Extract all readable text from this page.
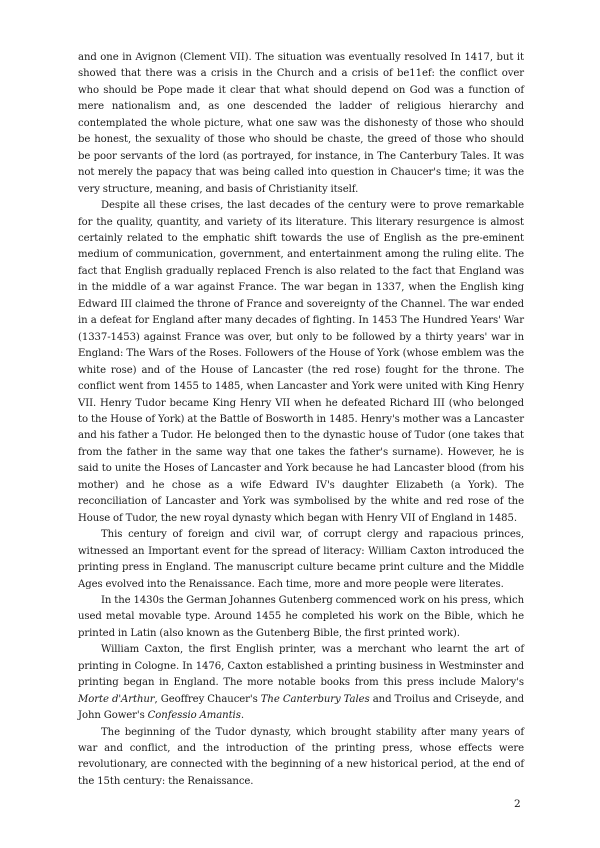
and one in Avignon (Clement VII). The situation was eventually resolved In 1417, but it showed that there was a crisis in the Church and a crisis of be11ef: the conflict over who should be Pope made it clear that what should depend on God was a function of mere nationalism and, as one descended the ladder of religious hierarchy and contemplated the whole picture, what one saw was the dishonesty of those who should be honest, the sexuality of those who should be chaste, the greed of those who should be poor servants of the lord (as portrayed, for instance, in The Canterbury Tales. It was not merely the papacy that was being called into question in Chaucer's time; it was the very structure, meaning, and basis of Christianity itself.

Despite all these crises, the last decades of the century were to prove remarkable for the quality, quantity, and variety of its literature. This literary resurgence is almost certainly related to the emphatic shift towards the use of English as the pre-eminent medium of communication, government, and entertainment among the ruling elite. The fact that English gradually replaced French is also related to the fact that England was in the middle of a war against France. The war began in 1337, when the English king Edward III claimed the throne of France and sovereignty of the Channel. The war ended in a defeat for England after many decades of fighting. In 1453 The Hundred Years' War (1337-1453) against France was over, but only to be followed by a thirty years' war in England: The Wars of the Roses. Followers of the House of York (whose emblem was the white rose) and of the House of Lancaster (the red rose) fought for the throne. The conflict went from 1455 to 1485, when Lancaster and York were united with King Henry VII. Henry Tudor became King Henry VII when he defeated Richard III (who belonged to the House of York) at the Battle of Bosworth in 1485. Henry's mother was a Lancaster and his father a Tudor. He belonged then to the dynastic house of Tudor (one takes that from the father in the same way that one takes the father's surname). However, he is said to unite the Hoses of Lancaster and York because he had Lancaster blood (from his mother) and he chose as a wife Edward IV's daughter Elizabeth (a York). The reconciliation of Lancaster and York was symbolised by the white and red rose of the House of Tudor, the new royal dynasty which began with Henry VII of England in 1485.

This century of foreign and civil war, of corrupt clergy and rapacious princes, witnessed an Important event for the spread of literacy: William Caxton introduced the printing press in England. The manuscript culture became print culture and the Middle Ages evolved into the Renaissance. Each time, more and more people were literates.

In the 1430s the German Johannes Gutenberg commenced work on his press, which used metal movable type. Around 1455 he completed his work on the Bible, which he printed in Latin (also known as the Gutenberg Bible, the first printed work).

William Caxton, the first English printer, was a merchant who learnt the art of printing in Cologne. In 1476, Caxton established a printing business in Westminster and printing began in England. The more notable books from this press include Malory's Morte d'Arthur, Geoffrey Chaucer's The Canterbury Tales and Troilus and Criseyde, and John Gower's Confessio Amantis.

The beginning of the Tudor dynasty, which brought stability after many years of war and conflict, and the introduction of the printing press, whose effects were revolutionary, are connected with the beginning of a new historical period, at the end of the 15th century: the Renaissance.

2
